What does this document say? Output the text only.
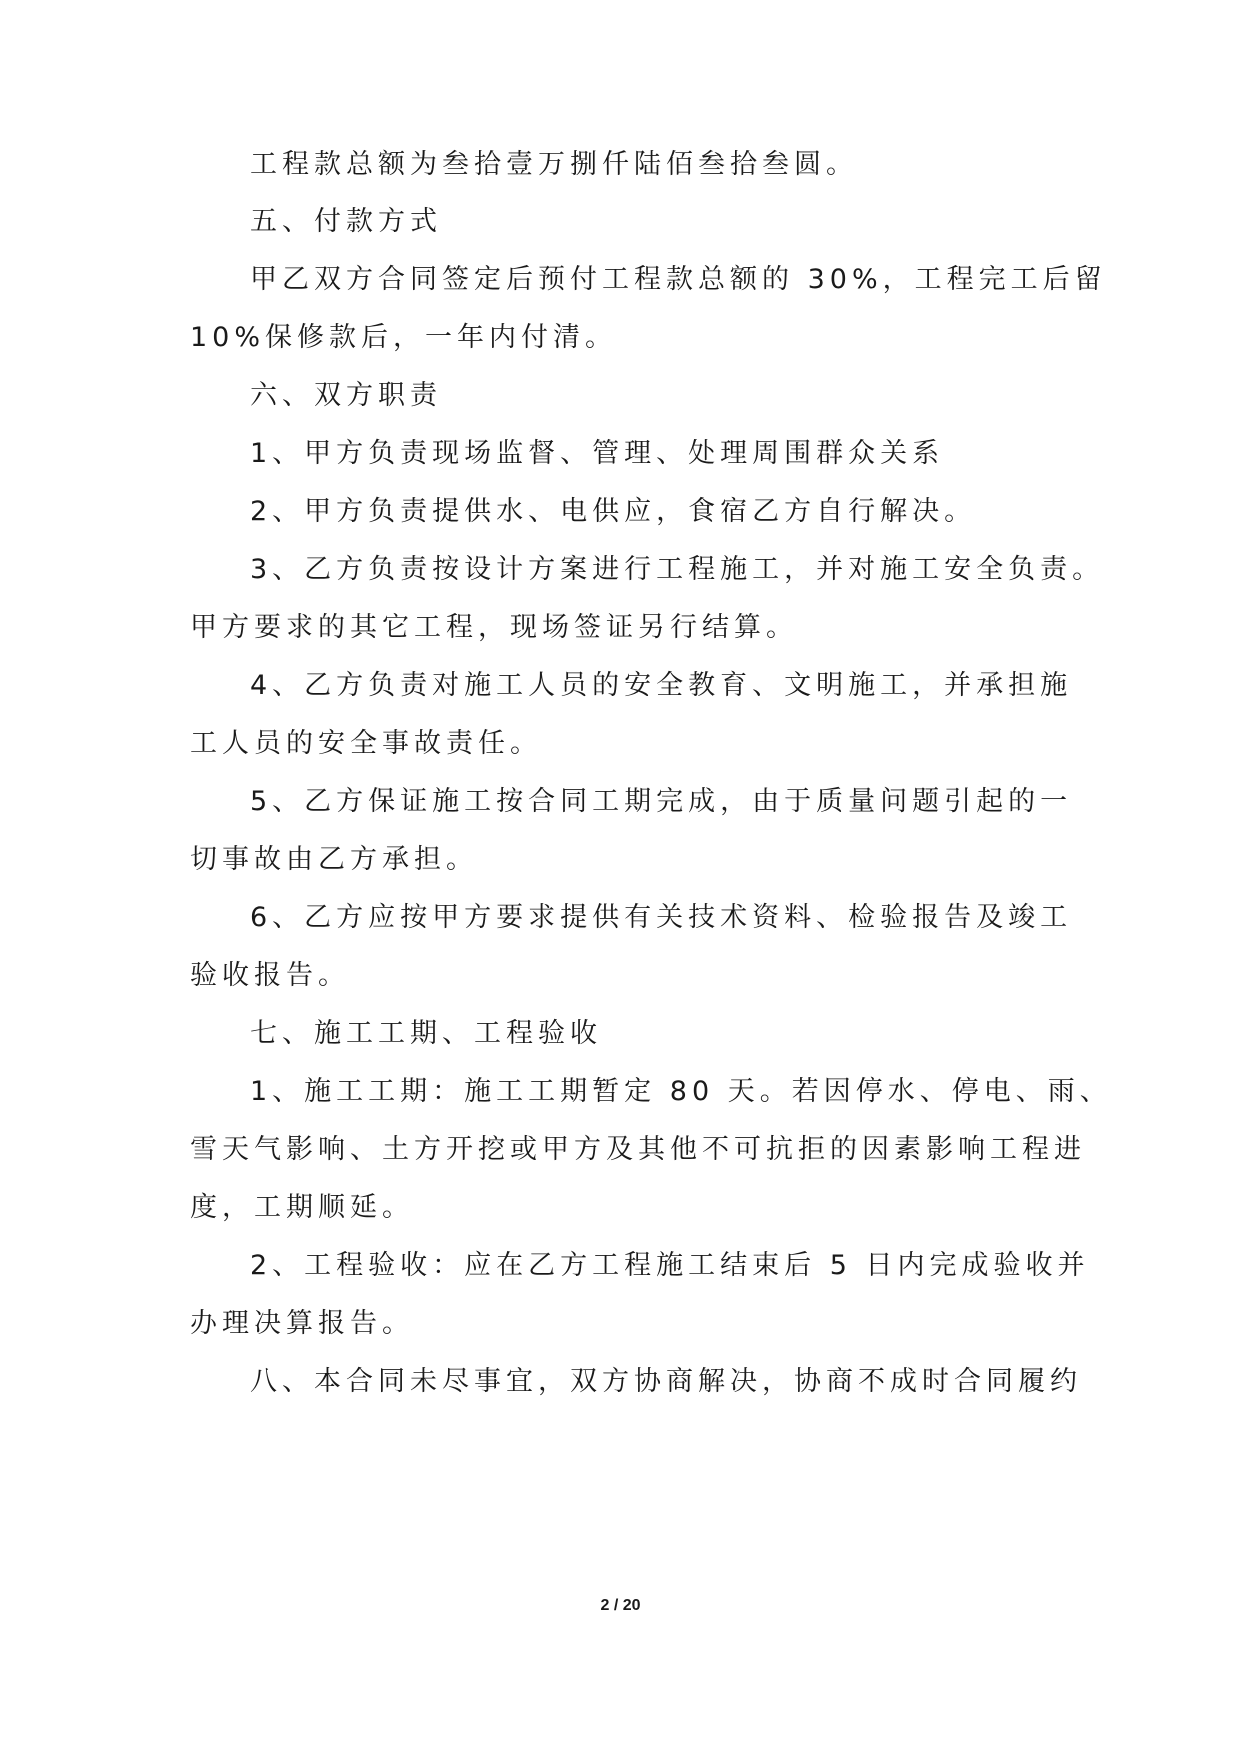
工程款总额为叁拾壹万捌仟陆佰叁拾叁圆。
五、付款方式
甲乙双方合同签定后预付工程款总额的 30%，工程完工后留
10%保修款后，一年内付清。
六、双方职责
1、甲方负责现场监督、管理、处理周围群众关系
2、甲方负责提供水、电供应，食宿乙方自行解决。
3、乙方负责按设计方案进行工程施工，并对施工安全负责。
甲方要求的其它工程，现场签证另行结算。
4、乙方负责对施工人员的安全教育、文明施工，并承担施
工人员的安全事故责任。
5、乙方保证施工按合同工期完成，由于质量问题引起的一
切事故由乙方承担。
6、乙方应按甲方要求提供有关技术资料、检验报告及竣工
验收报告。
七、施工工期、工程验收
1、施工工期：施工工期暂定 80 天。若因停水、停电、雨、
雪天气影响、土方开挖或甲方及其他不可抗拒的因素影响工程进
度，工期顺延。
2、工程验收：应在乙方工程施工结束后 5 日内完成验收并
办理决算报告。
八、本合同未尽事宜，双方协商解决，协商不成时合同履约
2 / 20
